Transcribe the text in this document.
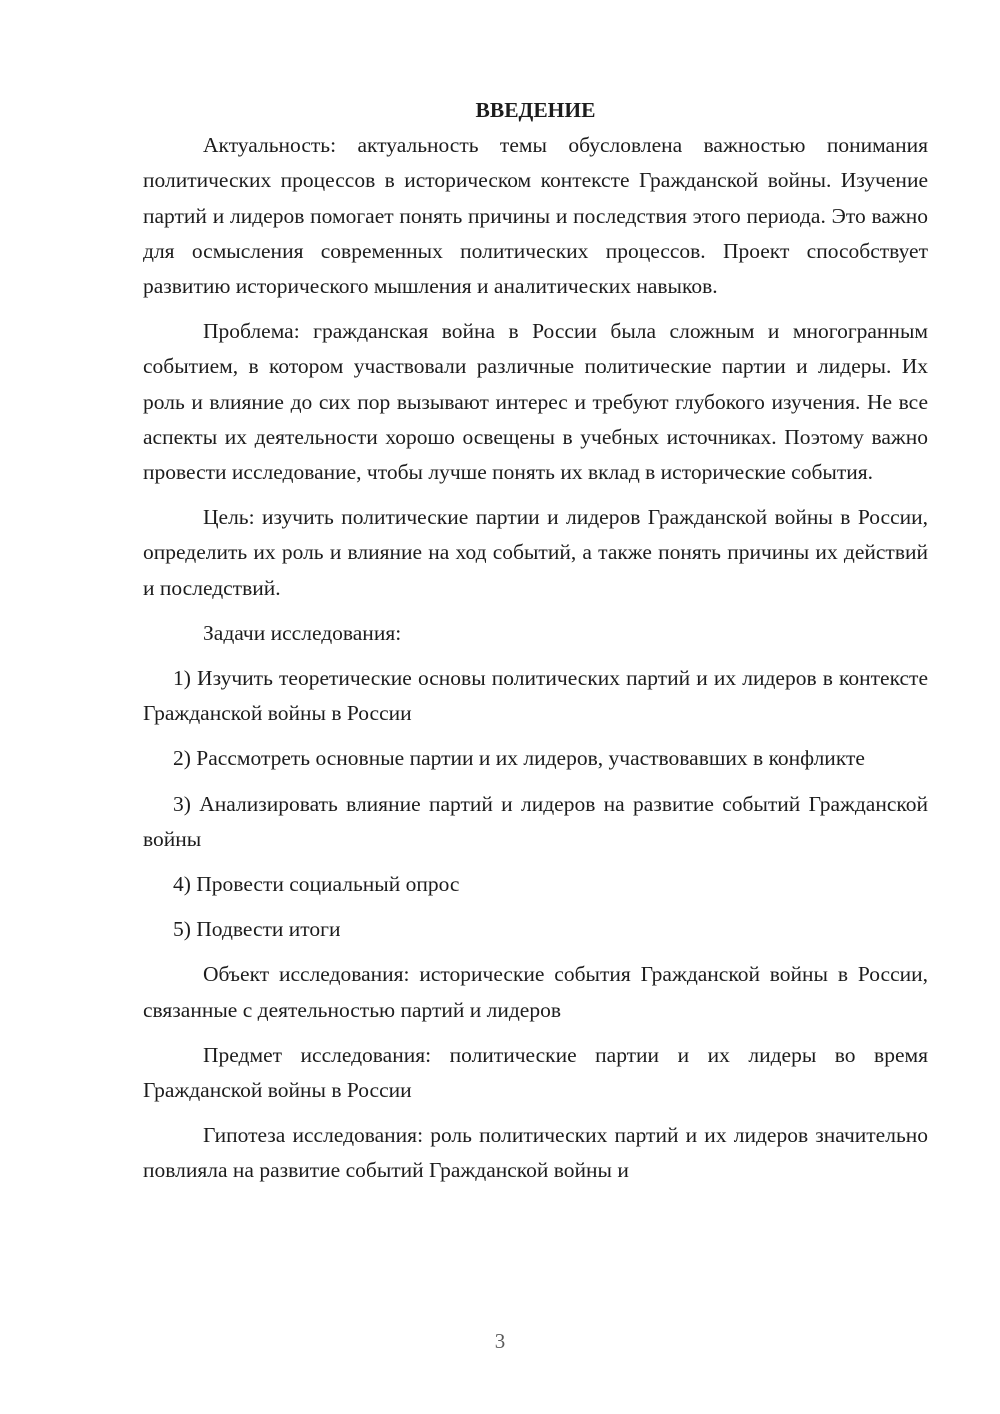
ВВЕДЕНИЕ

Актуальность: актуальность темы обусловлена важностью понимания политических процессов в историческом контексте Гражданской войны. Изучение партий и лидеров помогает понять причины и последствия этого периода. Это важно для осмысления современных политических процессов. Проект способствует развитию исторического мышления и аналитических навыков.

Проблема: гражданская война в России была сложным и многогранным событием, в котором участвовали различные политические партии и лидеры. Их роль и влияние до сих пор вызывают интерес и требуют глубокого изучения. Не все аспекты их деятельности хорошо освещены в учебных источниках. Поэтому важно провести исследование, чтобы лучше понять их вклад в исторические события.

Цель: изучить политические партии и лидеров Гражданской войны в России, определить их роль и влияние на ход событий, а также понять причины их действий и последствий.

Задачи исследования:

1) Изучить теоретические основы политических партий и их лидеров в контексте Гражданской войны в России

2) Рассмотреть основные партии и их лидеров, участвовавших в конфликте

3) Анализировать влияние партий и лидеров на развитие событий Гражданской войны

4) Провести социальный опрос

5) Подвести итоги

Объект исследования: исторические события Гражданской войны в России, связанные с деятельностью партий и лидеров

Предмет исследования: политические партии и их лидеры во время Гражданской войны в России

Гипотеза исследования: роль политических партий и их лидеров значительно повлияла на развитие событий Гражданской войны и

3
